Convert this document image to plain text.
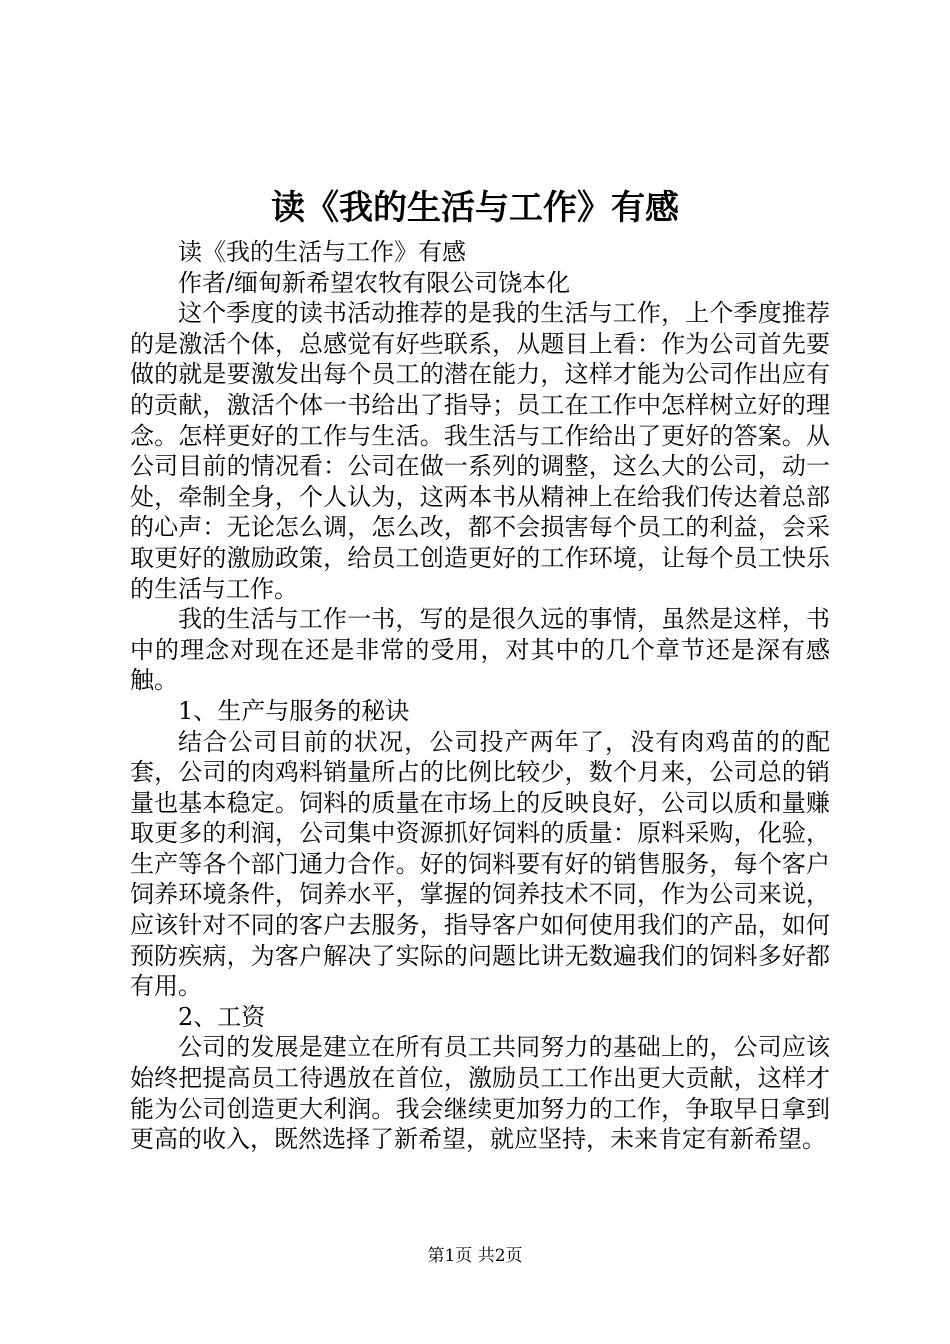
读《我的生活与工作》有感

读《我的生活与工作》有感

作者/缅甸新希望农牧有限公司饶本化

这个季度的读书活动推荐的是我的生活与工作，上个季度推荐的是激活个体，总感觉有好些联系，从题目上看：作为公司首先要做的就是要激发出每个员工的潜在能力，这样才能为公司作出应有的贡献，激活个体一书给出了指导；员工在工作中怎样树立好的理念。怎样更好的工作与生活。我生活与工作给出了更好的答案。从公司目前的情况看：公司在做一系列的调整，这么大的公司，动一处，牵制全身，个人认为，这两本书从精神上在给我们传达着总部的心声：无论怎么调，怎么改，都不会损害每个员工的利益，会采取更好的激励政策，给员工创造更好的工作环境，让每个员工快乐的生活与工作。

我的生活与工作一书，写的是很久远的事情，虽然是这样，书中的理念对现在还是非常的受用，对其中的几个章节还是深有感触。

1、生产与服务的秘诀

结合公司目前的状况，公司投产两年了，没有肉鸡苗的的配套，公司的肉鸡料销量所占的比例比较少，数个月来，公司总的销量也基本稳定。饲料的质量在市场上的反映良好，公司以质和量赚取更多的利润，公司集中资源抓好饲料的质量：原料采购，化验，生产等各个部门通力合作。好的饲料要有好的销售服务，每个客户饲养环境条件，饲养水平，掌握的饲养技术不同，作为公司来说，应该针对不同的客户去服务，指导客户如何使用我们的产品，如何预防疾病，为客户解决了实际的问题比讲无数遍我们的饲料多好都有用。

2、工资

公司的发展是建立在所有员工共同努力的基础上的，公司应该始终把提高员工待遇放在首位，激励员工工作出更大贡献，这样才能为公司创造更大利润。我会继续更加努力的工作，争取早日拿到更高的收入，既然选择了新希望，就应坚持，未来肯定有新希望。

第1页 共2页
